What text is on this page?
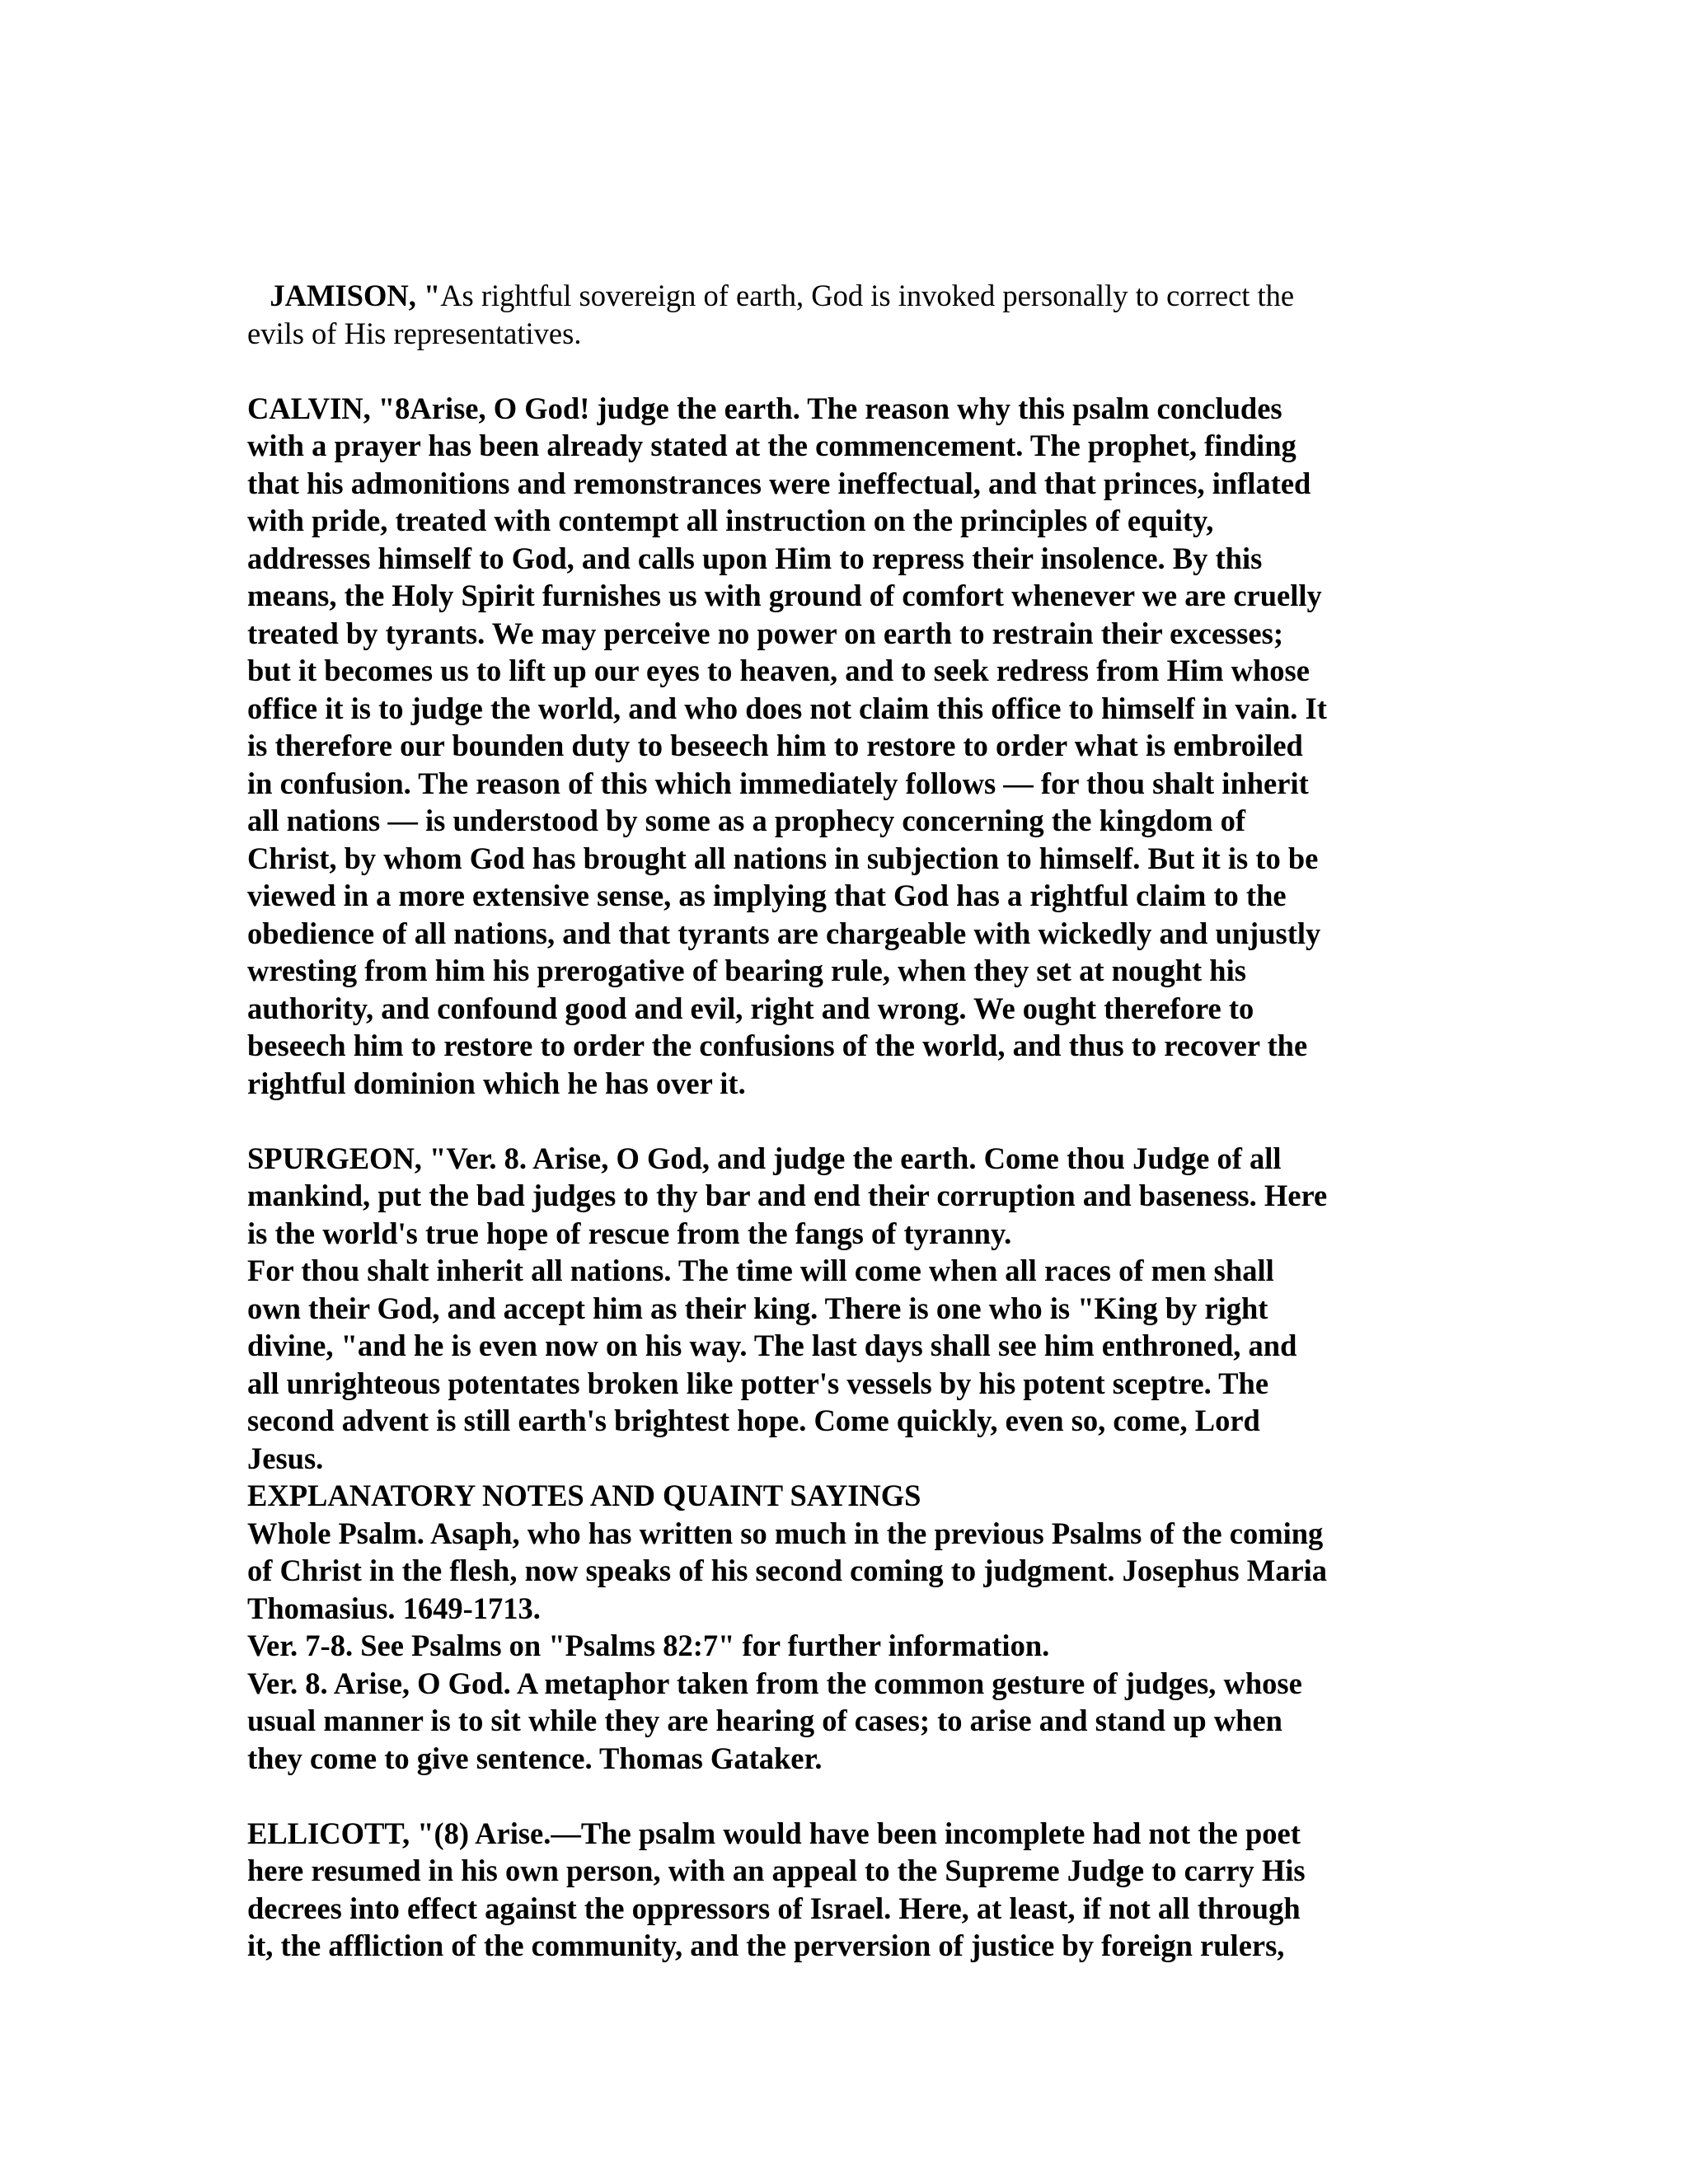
JAMISON, "As rightful sovereign of earth, God is invoked personally to correct the
evils of His representatives.
CALVIN, "8Arise, O God! judge the earth. The reason why this psalm concludes
with a prayer has been already stated at the commencement. The prophet, finding
that his admonitions and remonstrances were ineffectual, and that princes, inflated
with pride, treated with contempt all instruction on the principles of equity,
addresses himself to God, and calls upon Him to repress their insolence. By this
means, the Holy Spirit furnishes us with ground of comfort whenever we are cruelly
treated by tyrants. We may perceive no power on earth to restrain their excesses;
but it becomes us to lift up our eyes to heaven, and to seek redress from Him whose
office it is to judge the world, and who does not claim this office to himself in vain. It
is therefore our bounden duty to beseech him to restore to order what is embroiled
in confusion. The reason of this which immediately follows — for thou shalt inherit
all nations — is understood by some as a prophecy concerning the kingdom of
Christ, by whom God has brought all nations in subjection to himself. But it is to be
viewed in a more extensive sense, as implying that God has a rightful claim to the
obedience of all nations, and that tyrants are chargeable with wickedly and unjustly
wresting from him his prerogative of bearing rule, when they set at nought his
authority, and confound good and evil, right and wrong. We ought therefore to
beseech him to restore to order the confusions of the world, and thus to recover the
rightful dominion which he has over it.
SPURGEON, "Ver. 8. Arise, O God, and judge the earth. Come thou Judge of all
mankind, put the bad judges to thy bar and end their corruption and baseness. Here
is the world's true hope of rescue from the fangs of tyranny.
For thou shalt inherit all nations. The time will come when all races of men shall
own their God, and accept him as their king. There is one who is "King by right
divine, "and he is even now on his way. The last days shall see him enthroned, and
all unrighteous potentates broken like potter's vessels by his potent sceptre. The
second advent is still earth's brightest hope. Come quickly, even so, come, Lord
Jesus.
EXPLANATORY NOTES AND QUAINT SAYINGS
Whole Psalm. Asaph, who has written so much in the previous Psalms of the coming
of Christ in the flesh, now speaks of his second coming to judgment. Josephus Maria
Thomasius. 1649-1713.
Ver. 7-8. See Psalms on "Psalms 82:7" for further information.
Ver. 8. Arise, O God. A metaphor taken from the common gesture of judges, whose
usual manner is to sit while they are hearing of cases; to arise and stand up when
they come to give sentence. Thomas Gataker.
ELLICOTT, "(8) Arise.—The psalm would have been incomplete had not the poet
here resumed in his own person, with an appeal to the Supreme Judge to carry His
decrees into effect against the oppressors of Israel. Here, at least, if not all through
it, the affliction of the community, and the perversion of justice by foreign rulers,
